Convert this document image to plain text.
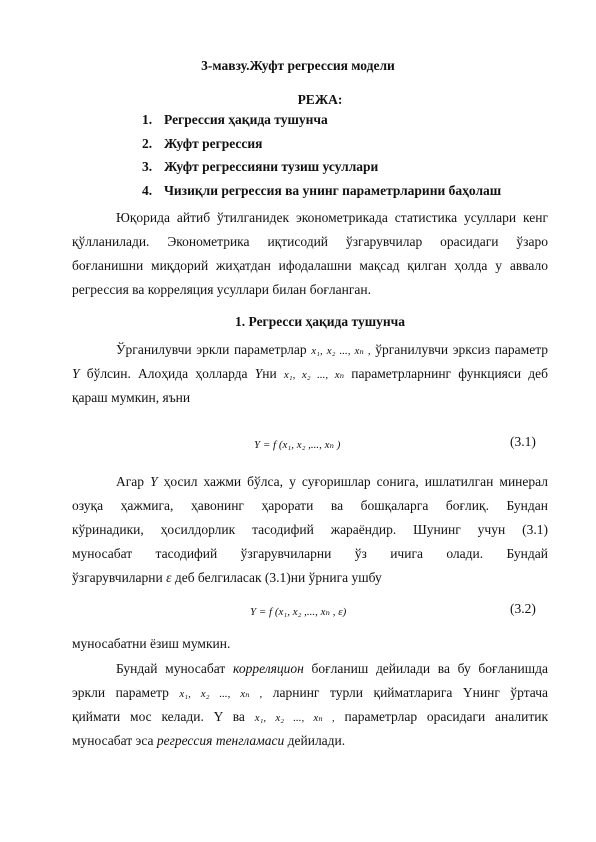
3-мавзу.Жуфт регрессия модели
РЕЖА:
1. Регрессия ҳақида тушунча
2. Жуфт регрессия
3. Жуфт регрессияни тузиш усуллари
4. Чизиқли регрессия ва унинг параметрларини баҳолаш
Юқорида айтиб ўтилганидек эконометрикада статистика усуллари кенг
қўлланилади. Эконометрика иқтисодий ўзгарувчилар орасидаги ўзаро
боғланишни миқдорий жиҳатдан ифодалашни мақсад қилган ҳолда у аввало
регрессия ва корреляция усуллари билан боғланган.
1. Регресси ҳақида тушунча
Ўрганилувчи эркли параметрлар x₁, x₂ ..., xₙ , ўрганилувчи эрксиз параметр
Y бўлсин. Алоҳида ҳолларда Yни x₁, x₂ ..., xₙ параметрларнинг функцияси деб
қараш мумкин, яъни
Y = f (x₁, x₂ ,..., xₙ )	(3.1)
Агар Y ҳосил хажми бўлса, у суғоришлар сонига, ишлатилган минерал
озуқа ҳажмига, ҳавонинг ҳарорати ва бошқаларга боғлиқ. Бундан
кўринадики, ҳосилдорлик тасодифий жараёндир. Шунинг учун (3.1)
муносабат тасодифий ўзгарувчиларни ўз ичига олади. Бундай
ўзгарувчиларни ε деб белгиласак (3.1)ни ўрнига ушбу
Y = f (x₁, x₂ ,..., xₙ , ε)	(3.2)
муносабатни ёзиш мумкин.
Бундай муносабат корреляцион боғланиш дейилади ва бу боғланишда
эркли параметр x₁, x₂ ..., xₙ , ларнинг турли қийматларига Үнинг ўртача
қиймати мос келади. Y ва x₁, x₂ ..., xₙ , параметрлар орасидаги аналитик
муносабат эса регрессия тенгламаси дейилади.
